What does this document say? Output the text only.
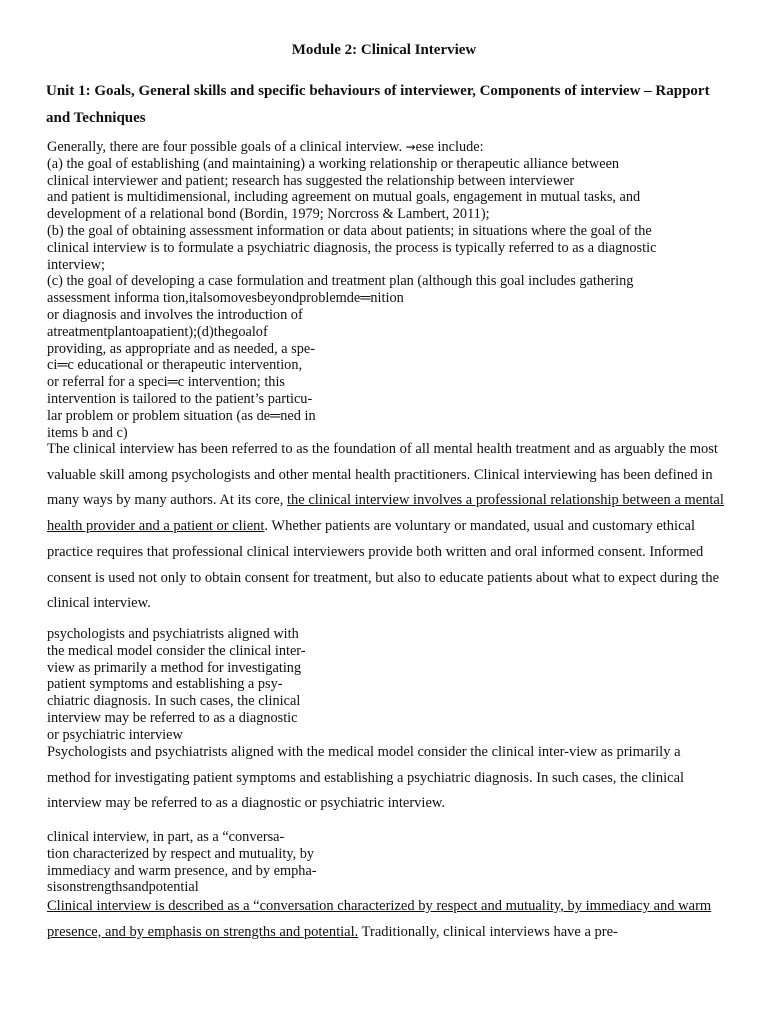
Module 2: Clinical Interview
Unit 1: Goals, General skills and specific behaviours of interviewer, Components of interview – Rapport and Techniques
Generally, there are four possible goals of a clinical interview. ⇝ese include:
(a) the goal of establishing (and maintaining) a working relationship or therapeutic alliance between
clinical interviewer and patient; research has suggested the relationship between interviewer
and patient is multidimensional, including agreement on mutual goals, engagement in mutual tasks, and
development of a relational bond (Bordin, 1979; Norcross & Lambert, 2011);
(b) the goal of obtaining assessment information or data about patients; in situations where the goal of the
clinical interview is to formulate a psychiatric diagnosis, the process is typically referred to as a diagnostic
interview;
(c) the goal of developing a case formulation and treatment plan (although this goal includes gathering
assessment informa tion,italsomovesbeyondproblemde═nition
or diagnosis and involves the introduction of
atreatmentplantoapatient);(d)thegoalof
providing, as appropriate and as needed, a spe-
ci═c educational or therapeutic intervention,
or referral for a speci═c intervention; this
intervention is tailored to the patient’s particu-
lar problem or problem situation (as de═ned in
items b and c)
The clinical interview has been referred to as the foundation of all mental health treatment and as arguably the most valuable skill among psychologists and other mental health practitioners. Clinical interviewing has been defined in many ways by many authors. At its core, the clinical interview involves a professional relationship between a mental health provider and a patient or client. Whether patients are voluntary or mandated, usual and customary ethical practice requires that professional clinical interviewers provide both written and oral informed consent. Informed consent is used not only to obtain consent for treatment, but also to educate patients about what to expect during the clinical interview.
psychologists and psychiatrists aligned with
the medical model consider the clinical inter-
view as primarily a method for investigating
patient symptoms and establishing a psy-
chiatric diagnosis. In such cases, the clinical
interview may be referred to as a diagnostic
or psychiatric interview
Psychologists and psychiatrists aligned with the medical model consider the clinical inter-view as primarily a method for investigating patient symptoms and establishing a psychiatric diagnosis. In such cases, the clinical interview may be referred to as a diagnostic or psychiatric interview.
clinical interview, in part, as a “conversa-
tion characterized by respect and mutuality, by
immediacy and warm presence, and by empha-
sisonstrengthsandpotential
Clinical interview is described as a “conversation characterized by respect and mutuality, by immediacy and warm presence, and by emphasis on strengths and potential. Traditionally, clinical interviews have a pre-
